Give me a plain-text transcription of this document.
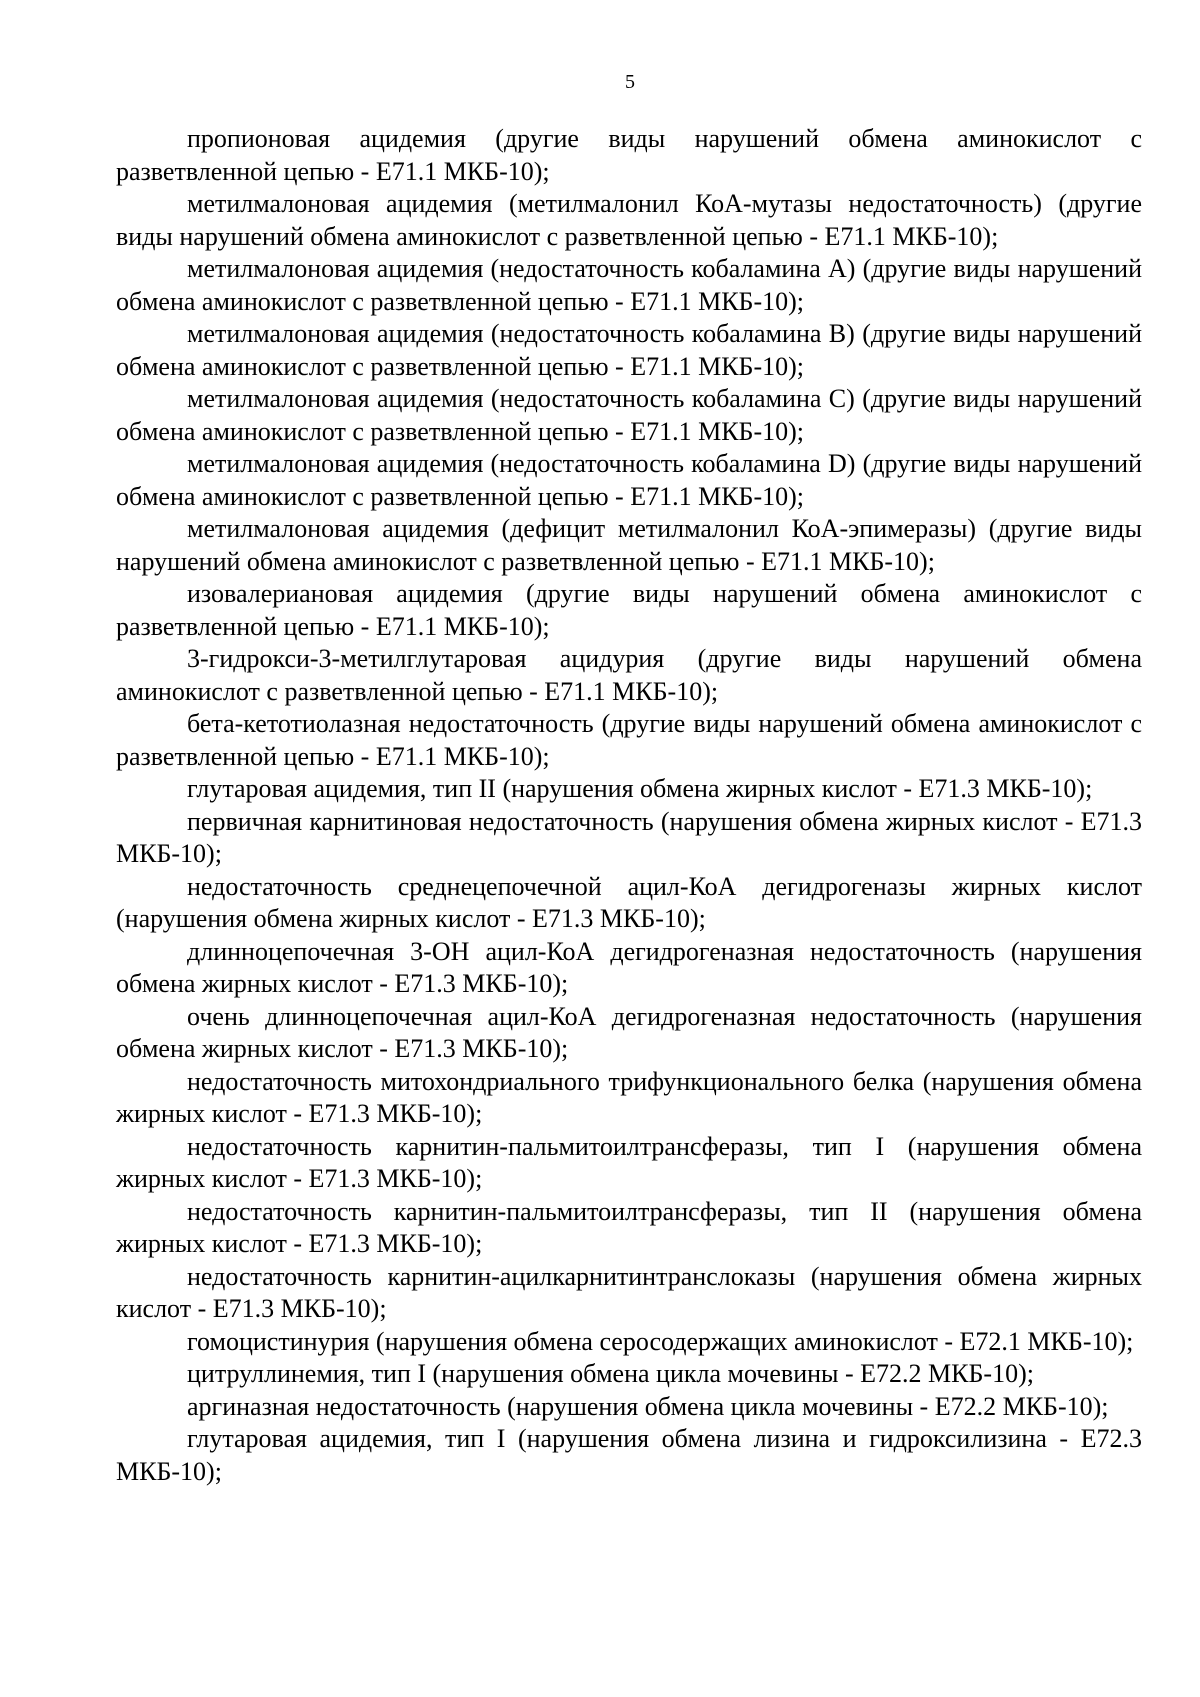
5

пропионовая ацидемия (другие виды нарушений обмена аминокислот с разветвленной цепью - E71.1 МКБ-10);

метилмалоновая ацидемия (метилмалонил КоА-мутазы недостаточность) (другие виды нарушений обмена аминокислот с разветвленной цепью - E71.1 МКБ-10);

метилмалоновая ацидемия (недостаточность кобаламина A) (другие виды нарушений обмена аминокислот с разветвленной цепью - E71.1 МКБ-10);

метилмалоновая ацидемия (недостаточность кобаламина B) (другие виды нарушений обмена аминокислот с разветвленной цепью - E71.1 МКБ-10);

метилмалоновая ацидемия (недостаточность кобаламина C) (другие виды нарушений обмена аминокислот с разветвленной цепью - E71.1 МКБ-10);

метилмалоновая ацидемия (недостаточность кобаламина D) (другие виды нарушений обмена аминокислот с разветвленной цепью - E71.1 МКБ-10);

метилмалоновая ацидемия (дефицит метилмалонил КоА-эпимеразы) (другие виды нарушений обмена аминокислот с разветвленной цепью - E71.1 МКБ-10);

изовалериановая ацидемия (другие виды нарушений обмена аминокислот с разветвленной цепью - E71.1 МКБ-10);

3-гидрокси-3-метилглутаровая ацидурия (другие виды нарушений обмена аминокислот с разветвленной цепью - E71.1 МКБ-10);

бета-кетотиолазная недостаточность (другие виды нарушений обмена аминокислот с разветвленной цепью - E71.1 МКБ-10);

глутаровая ацидемия, тип II (нарушения обмена жирных кислот - E71.3 МКБ-10);

первичная карнитиновая недостаточность (нарушения обмена жирных кислот - E71.3 МКБ-10);

недостаточность среднецепочечной ацил-КоА дегидрогеназы жирных кислот (нарушения обмена жирных кислот - E71.3 МКБ-10);

длинноцепочечная 3-OH ацил-КоА дегидрогеназная недостаточность (нарушения обмена жирных кислот - E71.3 МКБ-10);

очень длинноцепочечная ацил-КоА дегидрогеназная недостаточность (нарушения обмена жирных кислот - E71.3 МКБ-10);

недостаточность митохондриального трифункционального белка (нарушения обмена жирных кислот - E71.3 МКБ-10);

недостаточность карнитин-пальмитоилтрансферазы, тип I (нарушения обмена жирных кислот - E71.3 МКБ-10);

недостаточность карнитин-пальмитоилтрансферазы, тип II (нарушения обмена жирных кислот - E71.3 МКБ-10);

недостаточность карнитин-ацилкарнитинтранслоказы (нарушения обмена жирных кислот - E71.3 МКБ-10);

гомоцистинурия (нарушения обмена серосодержащих аминокислот - E72.1 МКБ-10);

цитруллинемия, тип I (нарушения обмена цикла мочевины - E72.2 МКБ-10);

аргиназная недостаточность (нарушения обмена цикла мочевины - E72.2 МКБ-10);

глутаровая ацидемия, тип I (нарушения обмена лизина и гидроксилизина - E72.3 МКБ-10);
